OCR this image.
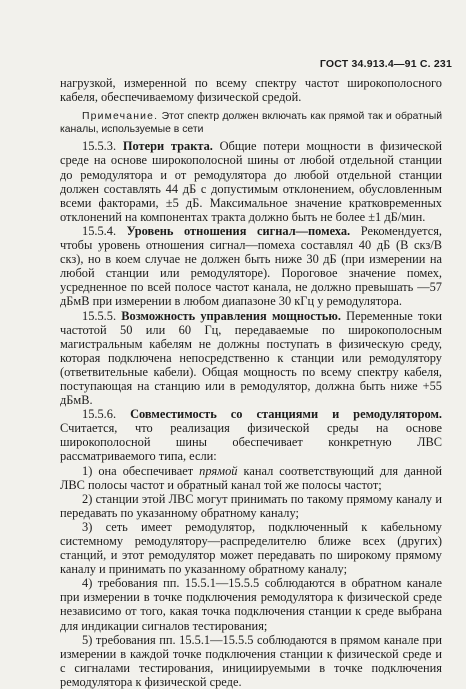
ГОСТ 34.913.4—91 С. 231

нагрузкой, измеренной по всему спектру частот широкополосного кабеля, обеспечиваемому физической средой.

Примечание. Этот спектр должен включать как прямой так и обратный каналы, используемые в сети

15.5.3. Потери тракта. Общие потери мощности в физической среде на основе широкополосной шины от любой отдельной станции до ремодулятора и от ремодулятора до любой отдельной станции должен составлять 44 дБ с допустимым отклонением, обусловленным всеми факторами, ±5 дБ. Максимальное значение кратковременных отклонений на компонентах тракта должно быть не более ±1 дБ/мин.

15.5.4. Уровень отношения сигнал—помеха. Рекомендуется, чтобы уровень отношения сигнал—помеха составлял 40 дБ (В скз/В скз), но в коем случае не должен быть ниже 30 дБ (при измерении на любой станции или ремодуляторе). Пороговое значение помех, усредненное по всей полосе частот канала, не должно превышать —57 дБмВ при измерении в любом диапазоне 30 кГц у ремодулятора.

15.5.5. Возможность управления мощностью. Переменные токи частотой 50 или 60 Гц, передаваемые по широкополосным магистральным кабелям не должны поступать в физическую среду, которая подключена непосредственно к станции или ремодулятору (ответвительные кабели). Общая мощность по всему спектру кабеля, поступающая на станцию или в ремодулятор, должна быть ниже +55 дБмВ.

15.5.6. Совместимость со станциями и ремодулятором. Считается, что реализация физической среды на основе широкополосной шины обеспечивает конкретную ЛВС рассматриваемого типа, если:

1) она обеспечивает прямой канал соответствующий для данной ЛВС полосы частот и обратный канал той же полосы частот;

2) станции этой ЛВС могут принимать по такому прямому каналу и передавать по указанному обратному каналу;

3) сеть имеет ремодулятор, подключенный к кабельному системному ремодулятору—распределителю ближе всех (других) станций, и этот ремодулятор может передавать по широкому прямому каналу и принимать по указанному обратному каналу;

4) требования пп. 15.5.1—15.5.5 соблюдаются в обратном канале при измерении в точке подключения ремодулятора к физической среде независимо от того, какая точка подключения станции к среде выбрана для индикации сигналов тестирования;

5) требования пп. 15.5.1—15.5.5 соблюдаются в прямом канале при измерении в каждой точке подключения станции к физической среде и с сигналами тестирования, инициируемыми в точке подключения ремодулятора к физической среде.
